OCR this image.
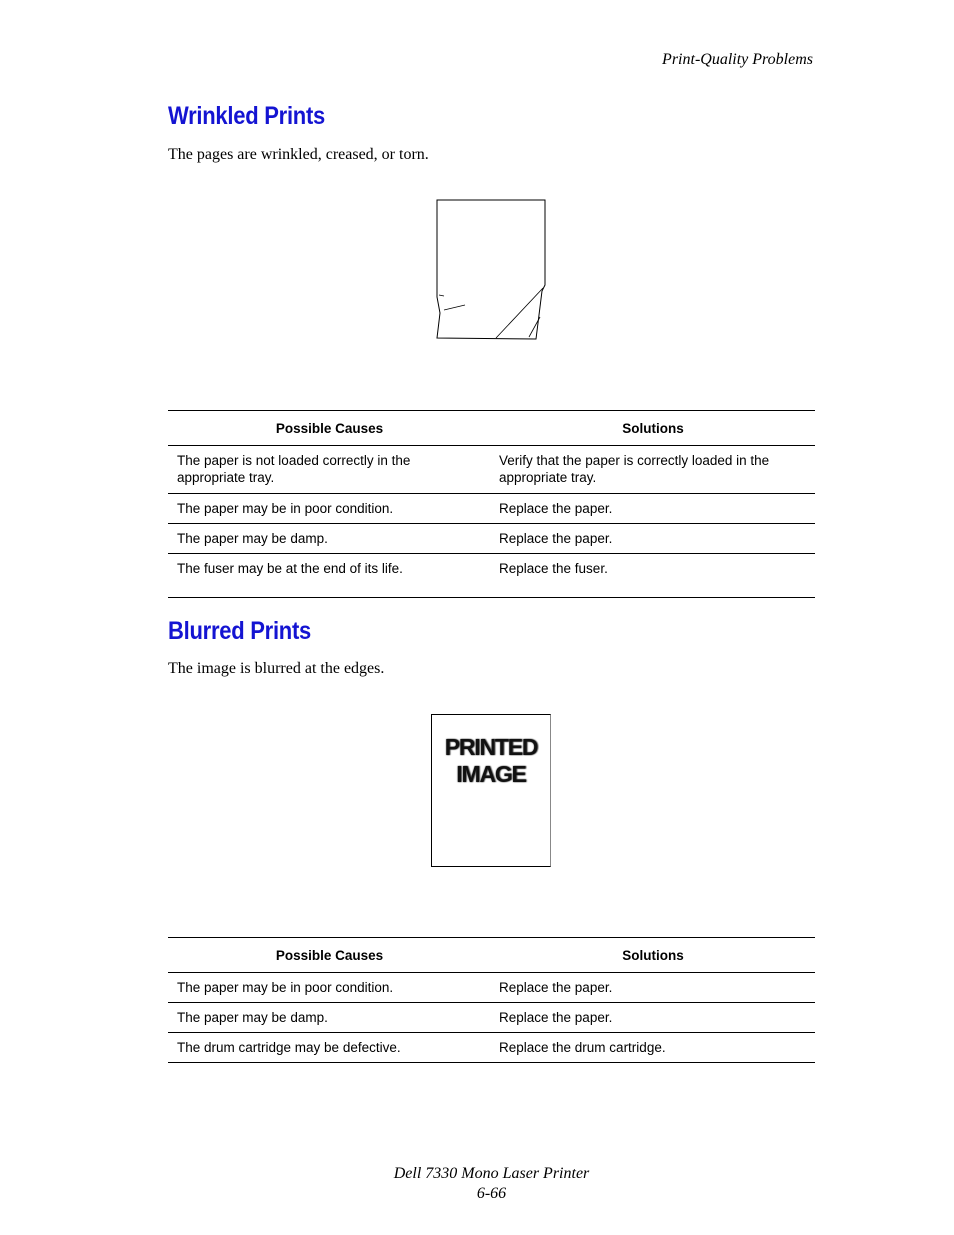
Print-Quality Problems
Wrinkled Prints

The pages are wrinkled, creased, or torn.

Possible Causes	Solutions
The paper is not loaded correctly in the appropriate tray.	Verify that the paper is correctly loaded in the appropriate tray.
The paper may be in poor condition.	Replace the paper.
The paper may be damp.	Replace the paper.
The fuser may be at the end of its life.	Replace the fuser.
Blurred Prints

The image is blurred at the edges.

PRINTED
IMAGE
Possible Causes	Solutions
The paper may be in poor condition.	Replace the paper.
The paper may be damp.	Replace the paper.
The drum cartridge may be defective.	Replace the drum cartridge.
Dell 7330 Mono Laser Printer
6-66
